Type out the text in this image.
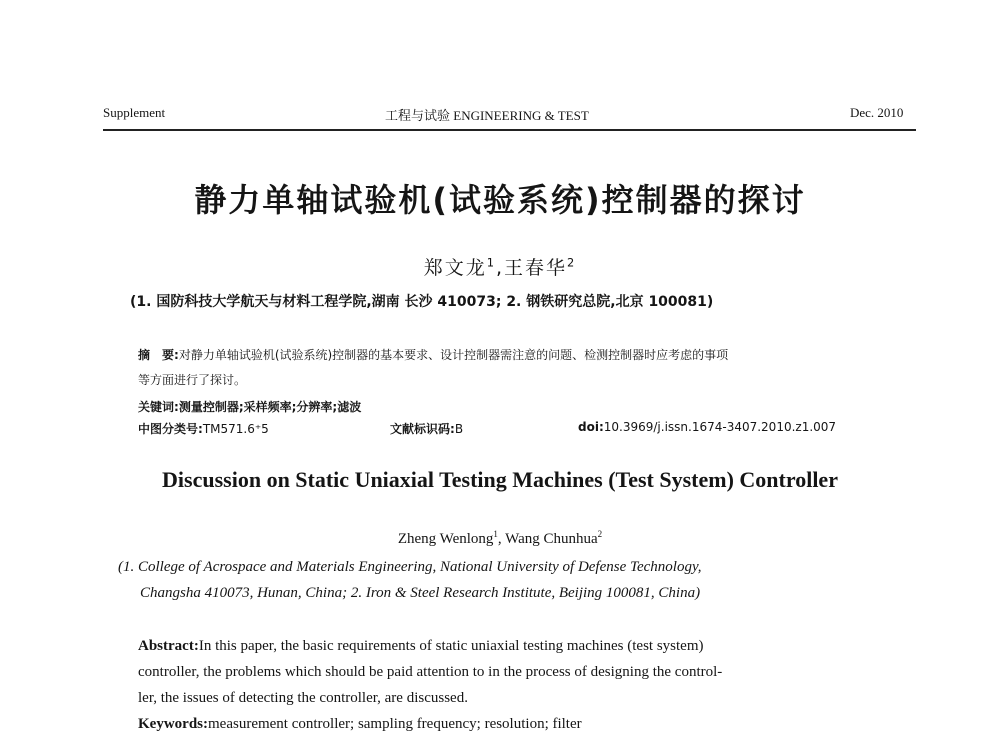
Supplement	工程与试验 ENGINEERING & TEST	Dec. 2010
静力单轴试验机(试验系统)控制器的探讨
郑文龙$^1$,王春华$^2$
(1. 国防科技大学航天与材料工程学院,湖南 长沙 410073; 2. 钢铁研究总院,北京 100081)
摘　要:对静力单轴试验机(试验系统)控制器的基本要求、设计控制器需注意的问题、检测控制器时应考虑的事项
等方面进行了探讨。
关键词:测量控制器;采样频率;分辨率;滤波
中图分类号:TM571.6⁺5	文献标识码:B	doi:10.3969/j.issn.1674-3407.2010.z1.007
Discussion on Static Uniaxial Testing Machines (Test System) Controller
Zheng Wenlong$^1$, Wang Chunhua$^2$
(1. College of Acrospace and Materials Engineering, National University of Defense Technology,
Changsha 410073, Hunan, China; 2. Iron & Steel Research Institute, Beijing 100081, China)
Abstract:In this paper, the basic requirements of static uniaxial testing machines (test system)
controller, the problems which should be paid attention to in the process of designing the control-
ler, the issues of detecting the controller, are discussed.
Keywords:measurement controller; sampling frequency; resolution; filter
